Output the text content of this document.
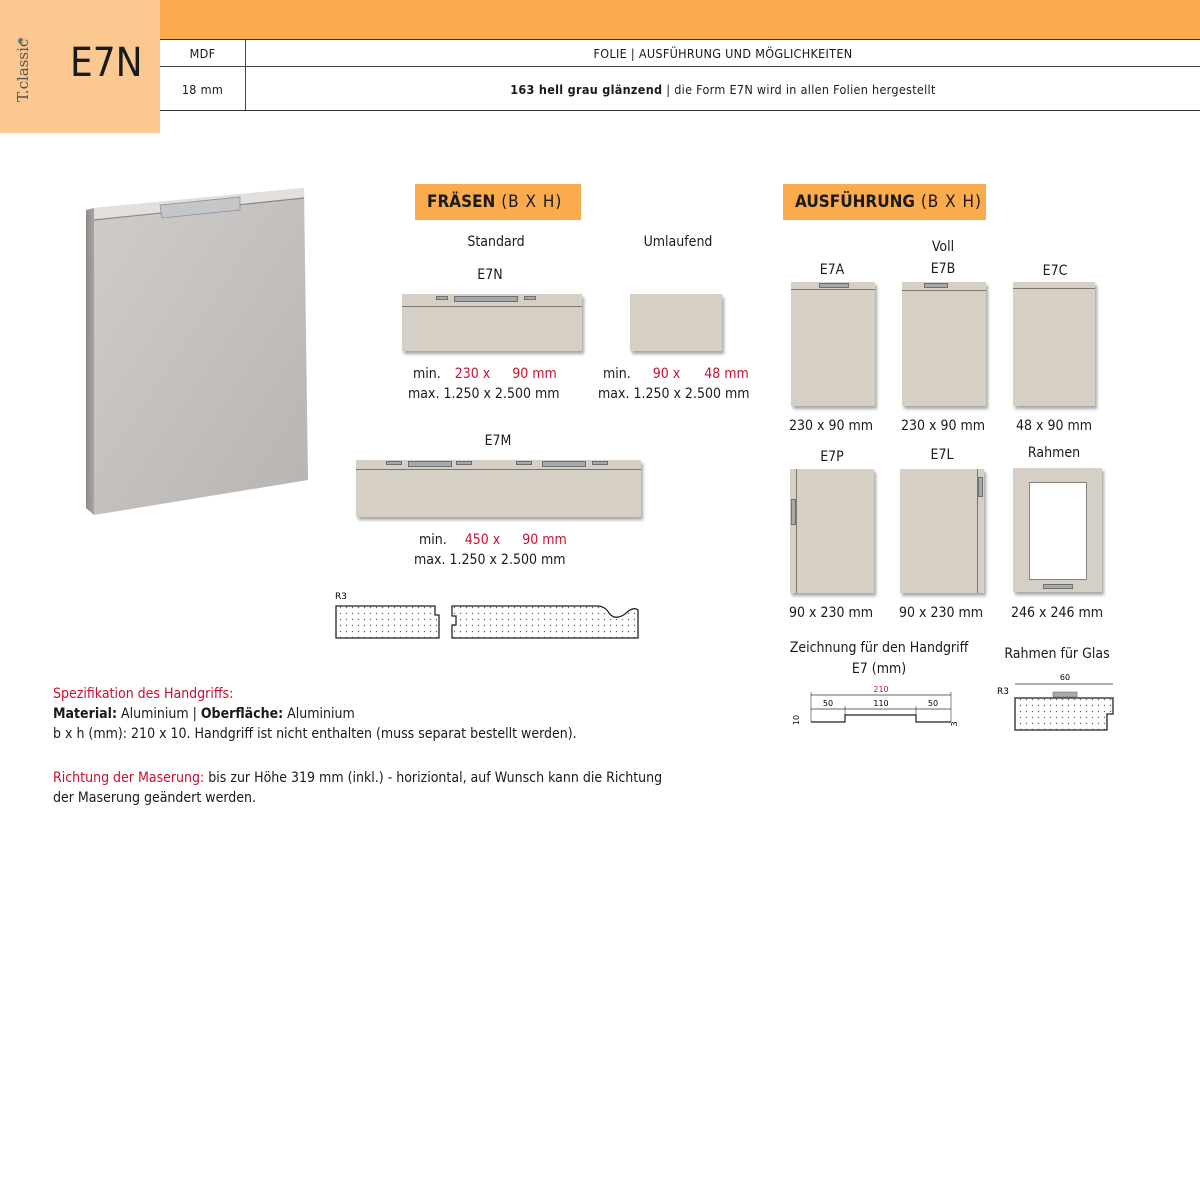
T.classic E7N	MDF	FOLIE | AUSFÜHRUNG UND MÖGLICHKEITEN
18 mm	163 hell grau glänzend | die Form E7N wird in allen Folien hergestellt
FRÄSEN (B X H)
Standard	Umlaufend
E7N
min. 230 x 90 mm
max. 1.250 x 2.500 mm
min. 90 x 48 mm
max. 1.250 x 2.500 mm
E7M
min. 450 x 90 mm
max. 1.250 x 2.500 mm
R3
AUSFÜHRUNG (B X H)
Voll
E7A	E7B	E7C
230 x 90 mm	230 x 90 mm	48 x 90 mm
E7P	E7L	Rahmen
90 x 230 mm	90 x 230 mm	246 x 246 mm
Zeichnung für den Handgriff
E7 (mm)
Rahmen für Glas
210
50	110	50
10	3
R3
60
Spezifikation des Handgriffs:
Material: Aluminium | Oberfläche: Aluminium
b x h (mm): 210 x 10. Handgriff ist nicht enthalten (muss separat bestellt werden).
Richtung der Maserung: bis zur Höhe 319 mm (inkl.) - horiziontal, auf Wunsch kann die Richtung
der Maserung geändert werden.
